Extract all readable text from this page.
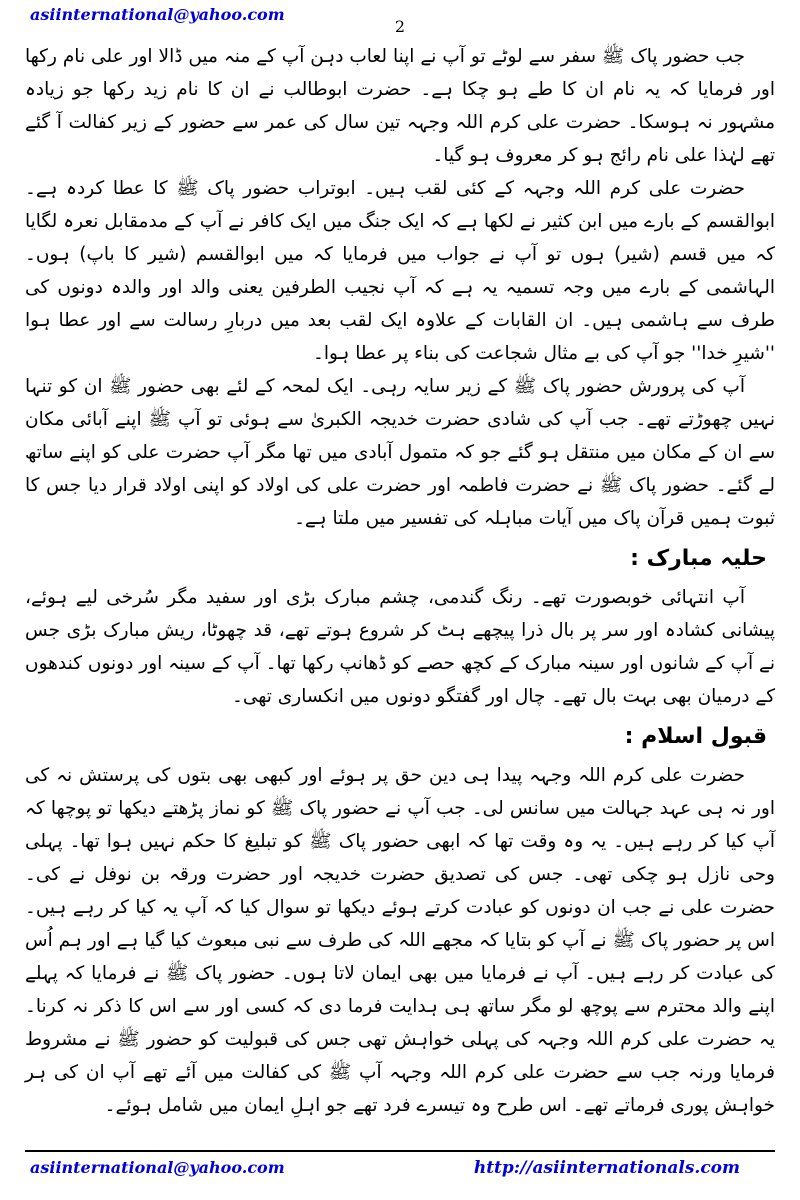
asiinternational@yahoo.com
2

جب حضور پاک ﷺ سفر سے لوٹے تو آپ نے اپنا لعاب دہن آپ کے منہ میں ڈالا اور علی نام رکھا اور فرمایا کہ یہ نام ان کا طے ہو چکا ہے۔ حضرت ابوطالب نے ان کا نام زید رکھا جو زیادہ مشہور نہ ہوسکا۔ حضرت علی کرم اللہ وجہہ تین سال کی عمر سے حضور کے زیر کفالت آ گئے تھے لہٰذا علی نام رائج ہو کر معروف ہو گیا۔

حضرت علی کرم اللہ وجہہ کے کئی لقب ہیں۔ ابوتراب حضور پاک ﷺ کا عطا کردہ ہے۔ ابوالقسم کے بارے میں ابن کثیر نے لکھا ہے کہ ایک جنگ میں ایک کافر نے آپ کے مدمقابل نعرہ لگایا کہ میں قسم (شیر) ہوں تو آپ نے جواب میں فرمایا کہ میں ابوالقسم (شیر کا باپ) ہوں۔ الہاشمی کے بارے میں وجہ تسمیہ یہ ہے کہ آپ نجیب الطرفین یعنی والد اور والدہ دونوں کی طرف سے ہاشمی ہیں۔ ان القابات کے علاوہ ایک لقب بعد میں دربارِ رسالت سے اور عطا ہوا ''شیرِ خدا'' جو آپ کی بے مثال شجاعت کی بناء پر عطا ہوا۔

آپ کی پرورش حضور پاک ﷺ کے زیر سایہ رہی۔ ایک لمحہ کے لئے بھی حضور ﷺ ان کو تنہا نہیں چھوڑتے تھے۔ جب آپ کی شادی حضرت خدیجہ الکبریٰ سے ہوئی تو آپ ﷺ اپنے آبائی مکان سے ان کے مکان میں منتقل ہو گئے جو کہ متمول آبادی میں تھا مگر آپ حضرت علی کو اپنے ساتھ لے گئے۔ حضور پاک ﷺ نے حضرت فاطمہ اور حضرت علی کی اولاد کو اپنی اولاد قرار دیا جس کا ثبوت ہمیں قرآن پاک میں آیات مباہلہ کی تفسیر میں ملتا ہے۔

حلیہ مبارک :

آپ انتہائی خوبصورت تھے۔ رنگ گندمی، چشم مبارک بڑی اور سفید مگر سُرخی لیے ہوئے، پیشانی کشادہ اور سر پر بال ذرا پیچھے ہٹ کر شروع ہوتے تھے، قد چھوٹا، ریش مبارک بڑی جس نے آپ کے شانوں اور سینہ مبارک کے کچھ حصے کو ڈھانپ رکھا تھا۔ آپ کے سینہ اور دونوں کندھوں کے درمیان بھی بہت بال تھے۔ چال اور گفتگو دونوں میں انکساری تھی۔

قبول اسلام :

حضرت علی کرم اللہ وجہہ پیدا ہی دین حق پر ہوئے اور کبھی بھی بتوں کی پرستش نہ کی اور نہ ہی عہد جہالت میں سانس لی۔ جب آپ نے حضور پاک ﷺ کو نماز پڑھتے دیکھا تو پوچھا کہ آپ کیا کر رہے ہیں۔ یہ وہ وقت تھا کہ ابھی حضور پاک ﷺ کو تبلیغ کا حکم نہیں ہوا تھا۔ پہلی وحی نازل ہو چکی تھی۔ جس کی تصدیق حضرت خدیجہ اور حضرت ورقہ بن نوفل نے کی۔ حضرت علی نے جب ان دونوں کو عبادت کرتے ہوئے دیکھا تو سوال کیا کہ آپ یہ کیا کر رہے ہیں۔ اس پر حضور پاک ﷺ نے آپ کو بتایا کہ مجھے اللہ کی طرف سے نبی مبعوث کیا گیا ہے اور ہم اُس کی عبادت کر رہے ہیں۔ آپ نے فرمایا میں بھی ایمان لاتا ہوں۔ حضور پاک ﷺ نے فرمایا کہ پہلے اپنے والد محترم سے پوچھ لو مگر ساتھ ہی ہدایت فرما دی کہ کسی اور سے اس کا ذکر نہ کرنا۔ یہ حضرت علی کرم اللہ وجہہ کی پہلی خواہش تھی جس کی قبولیت کو حضور ﷺ نے مشروط فرمایا ورنہ جب سے حضرت علی کرم اللہ وجہہ آپ ﷺ کی کفالت میں آئے تھے آپ ان کی ہر خواہش پوری فرماتے تھے۔ اس طرح وہ تیسرے فرد تھے جو اہلِ ایمان میں شامل ہوئے۔

asiinternational@yahoo.com	http://asiinternationals.com
